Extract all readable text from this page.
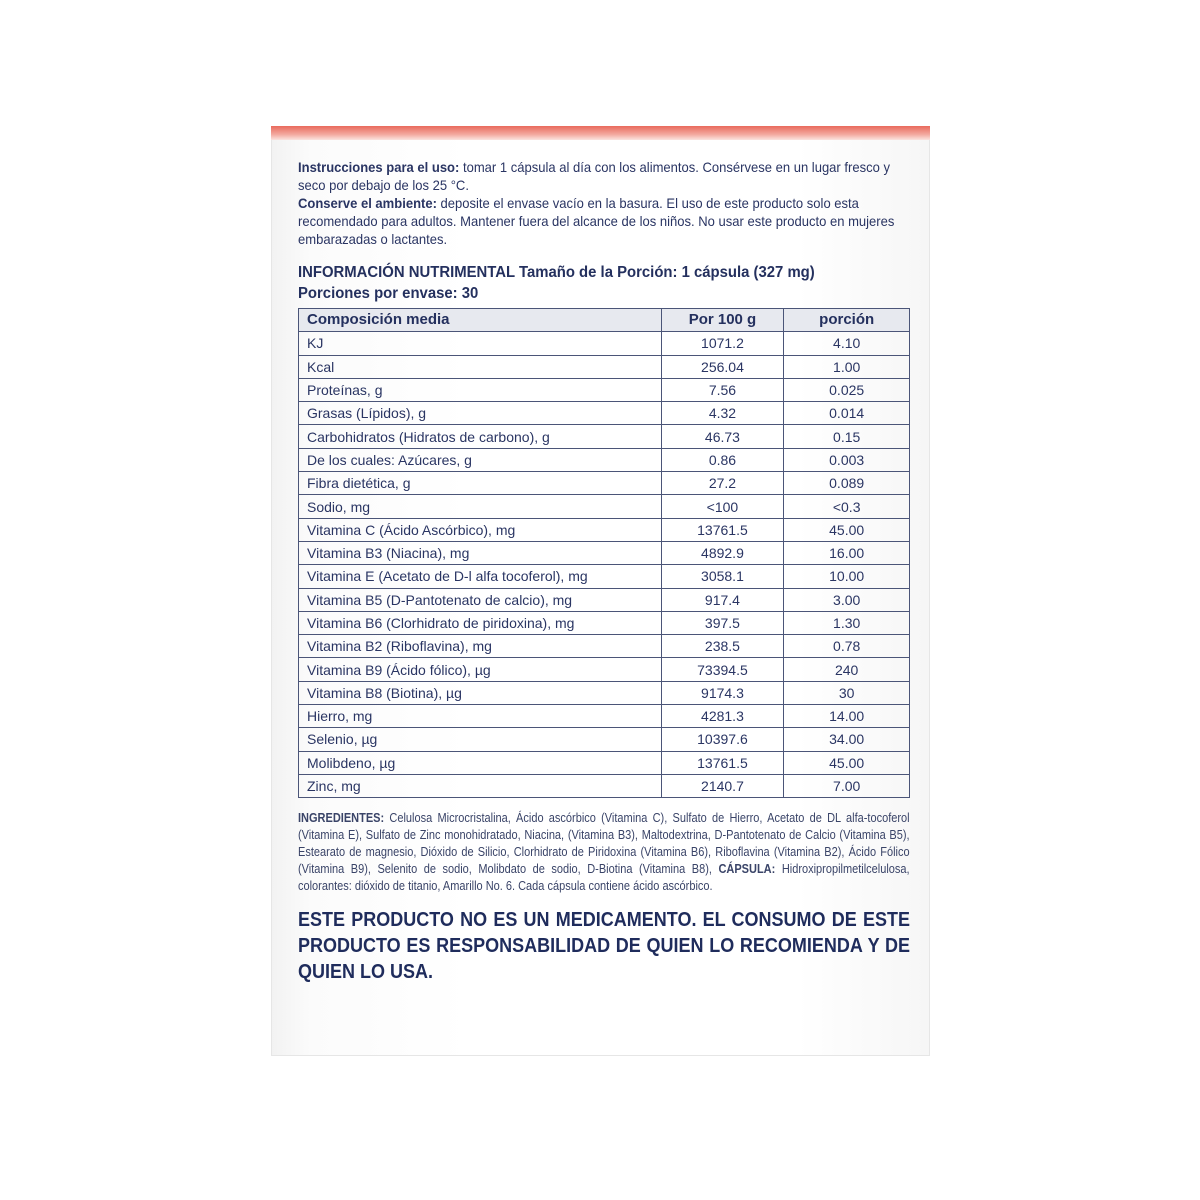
Instrucciones para el uso: tomar 1 cápsula al día con los alimentos. Consérvese en un lugar fresco y seco por debajo de los 25 °C.

Conserve el ambiente: deposite el envase vacío en la basura. El uso de este producto solo esta recomendado para adultos. Mantener fuera del alcance de los niños. No usar este producto en mujeres embarazadas o lactantes.

INFORMACIÓN NUTRIMENTAL Tamaño de la Porción: 1 cápsula (327 mg)
Porciones por envase: 30
Composición media	Por 100 g	porción
KJ	1071.2	4.10
Kcal	256.04	1.00
Proteínas, g	7.56	0.025
Grasas (Lípidos), g	4.32	0.014
Carbohidratos (Hidratos de carbono), g	46.73	0.15
De los cuales: Azúcares, g	0.86	0.003
Fibra dietética, g	27.2	0.089
Sodio, mg	<100	<0.3
Vitamina C (Ácido Ascórbico), mg	13761.5	45.00
Vitamina B3 (Niacina), mg	4892.9	16.00
Vitamina E (Acetato de D-l alfa tocoferol), mg	3058.1	10.00
Vitamina B5 (D-Pantotenato de calcio), mg	917.4	3.00
Vitamina B6 (Clorhidrato de piridoxina), mg	397.5	1.30
Vitamina B2 (Riboflavina), mg	238.5	0.78
Vitamina B9 (Ácido fólico), µg	73394.5	240
Vitamina B8 (Biotina), µg	9174.3	30
Hierro, mg	4281.3	14.00
Selenio, µg	10397.6	34.00
Molibdeno, µg	13761.5	45.00
Zinc, mg	2140.7	7.00
INGREDIENTES: Celulosa Microcristalina, Ácido ascórbico (Vitamina C), Sulfato de Hierro, Acetato de DL alfa-tocoferol (Vitamina E), Sulfato de Zinc monohidratado, Niacina, (Vitamina B3), Maltodextrina, D-Pantotenato de Calcio (Vitamina B5), Estearato de magnesio, Dióxido de Silicio, Clorhidrato de Piridoxina (Vitamina B6), Riboflavina (Vitamina B2), Ácido Fólico (Vitamina B9), Selenito de sodio, Molibdato de sodio, D-Biotina (Vitamina B8), CÁPSULA: Hidroxipropilmetilcelulosa, colorantes: dióxido de titanio, Amarillo No. 6. Cada cápsula contiene ácido ascórbico.
ESTE PRODUCTO NO ES UN MEDICAMENTO. EL CONSUMO DE ESTE PRODUCTO ES RESPONSABILIDAD DE QUIEN LO RECOMIENDA Y DE QUIEN LO USA.
